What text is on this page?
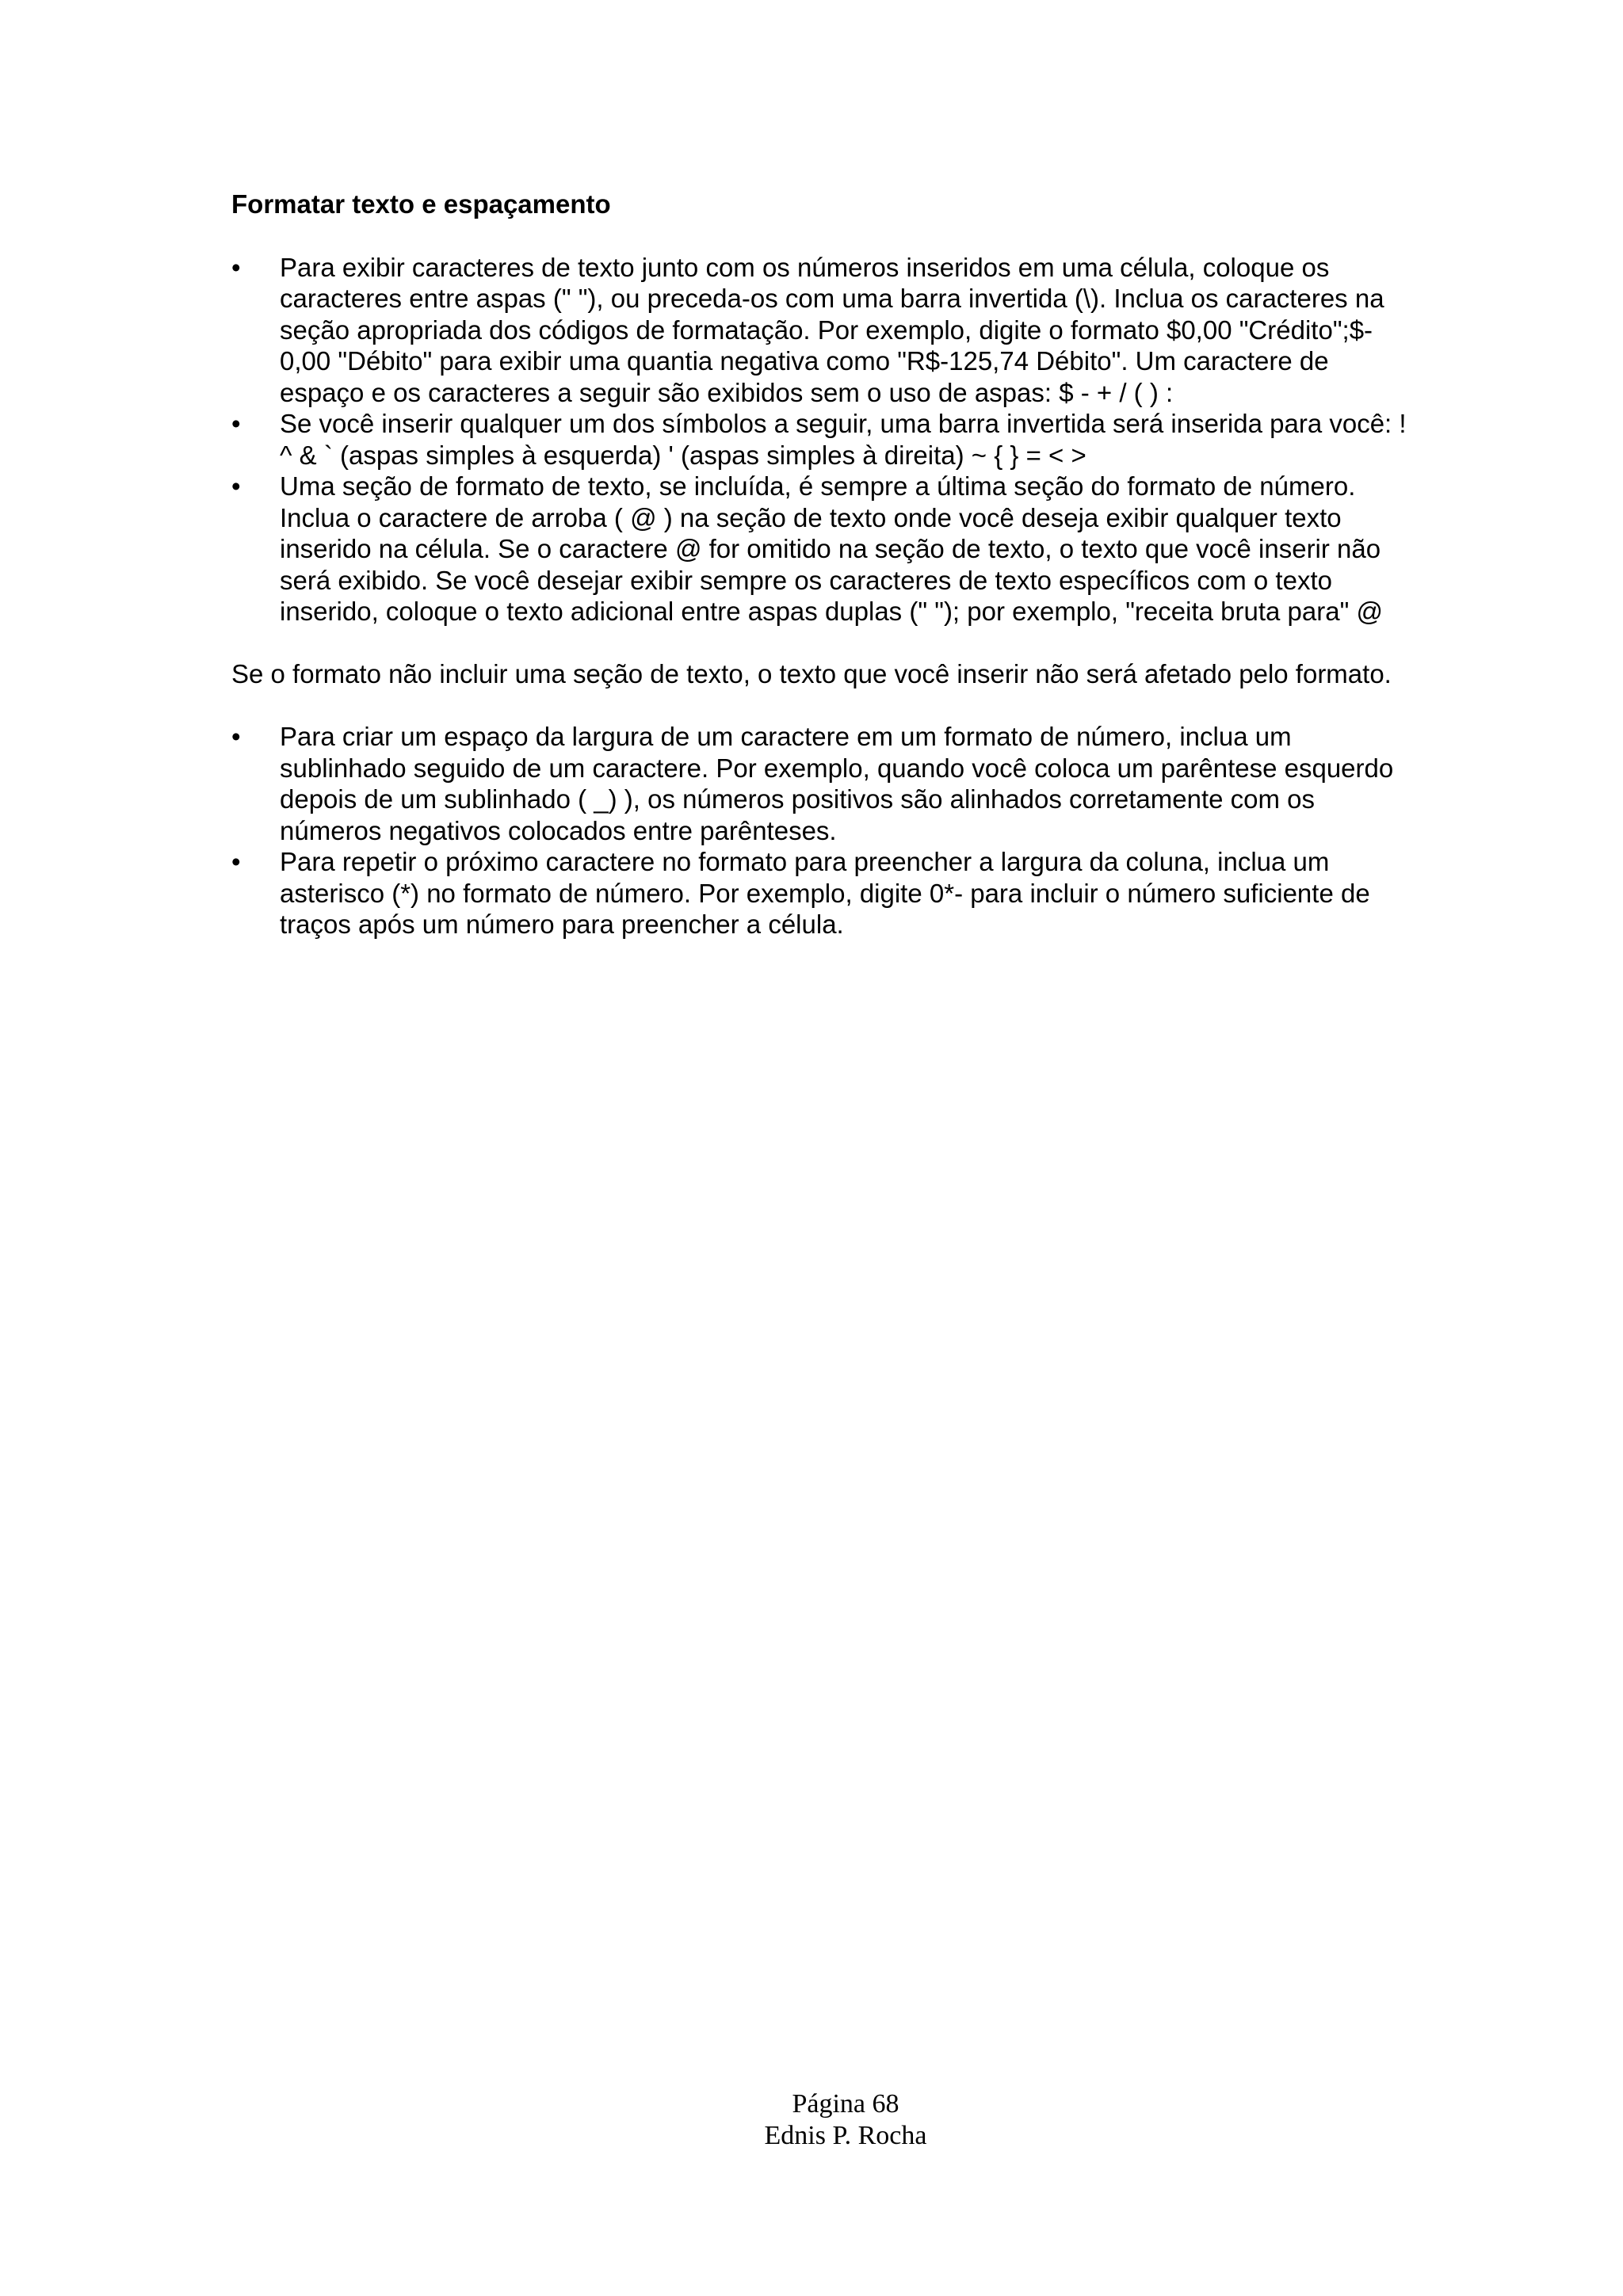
Formatar texto e espaçamento
• Para exibir caracteres de texto junto com os números inseridos em uma célula, coloque os
caracteres entre aspas (" "), ou preceda-os com uma barra invertida (\). Inclua os caracteres na
seção apropriada dos códigos de formatação. Por exemplo, digite o formato $0,00 "Crédito";$-
0,00 "Débito" para exibir uma quantia negativa como "R$-125,74 Débito". Um caractere de
espaço e os caracteres a seguir são exibidos sem o uso de aspas: $ - + / ( ) :
• Se você inserir qualquer um dos símbolos a seguir, uma barra invertida será inserida para você: !
^ & ` (aspas simples à esquerda) ' (aspas simples à direita) ~ { } = < >
• Uma seção de formato de texto, se incluída, é sempre a última seção do formato de número.
Inclua o caractere de arroba ( @ ) na seção de texto onde você deseja exibir qualquer texto
inserido na célula. Se o caractere @ for omitido na seção de texto, o texto que você inserir não
será exibido. Se você desejar exibir sempre os caracteres de texto específicos com o texto
inserido, coloque o texto adicional entre aspas duplas (" "); por exemplo, "receita bruta para" @
Se o formato não incluir uma seção de texto, o texto que você inserir não será afetado pelo formato.
• Para criar um espaço da largura de um caractere em um formato de número, inclua um
sublinhado seguido de um caractere. Por exemplo, quando você coloca um parêntese esquerdo
depois de um sublinhado ( _) ), os números positivos são alinhados corretamente com os
números negativos colocados entre parênteses.
• Para repetir o próximo caractere no formato para preencher a largura da coluna, inclua um
asterisco (*) no formato de número. Por exemplo, digite 0*- para incluir o número suficiente de
traços após um número para preencher a célula.
Página 68
Ednis P. Rocha
